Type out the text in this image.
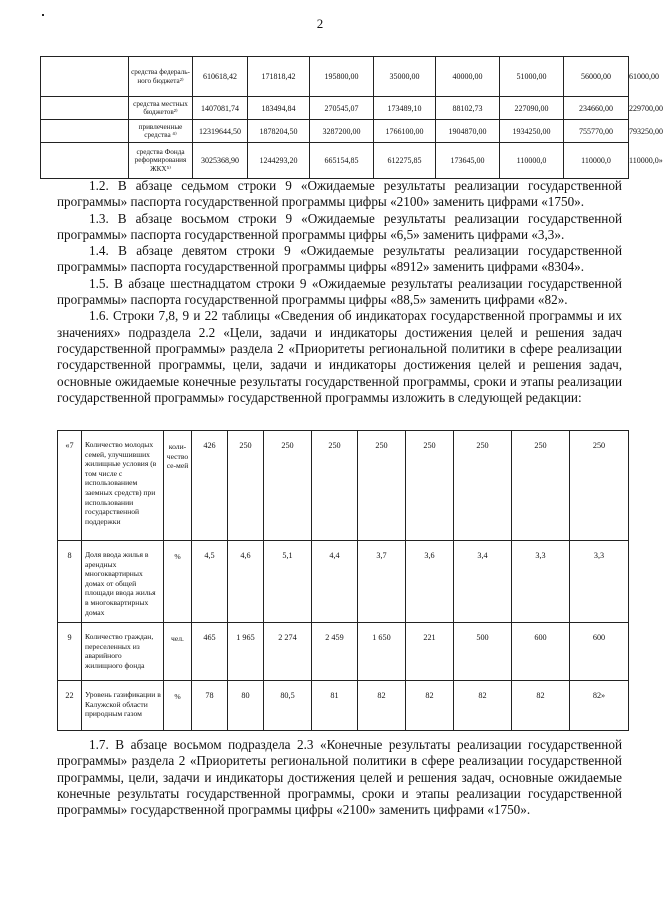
2
	средства федераль-ного бюджета²⁾	610618,42	171818,42	195800,00	35000,00	40000,00	51000,00	56000,00	61000,00
	средства местных бюджетов²⁾	1407081,74	183494,84	270545,07	173489,10	88102,73	227090,00	234660,00	229700,00
	привлеченные средства ⁴⁾	12319644,50	1878204,50	3287200,00	1766100,00	1904870,00	1934250,00	755770,00	793250,00
	средства Фонда реформирования ЖКХ⁵⁾	3025368,90	1244293,20	665154,85	612275,85	173645,00	110000,0	110000,0	110000,0»

1.2. В абзаце седьмом строки 9 «Ожидаемые результаты реализации государственной программы» паспорта государственной программы цифры «2100» заменить цифрами «1750».

1.3. В абзаце восьмом строки 9 «Ожидаемые результаты реализации государственной программы» паспорта государственной программы цифры «6,5» заменить цифрами «3,3».

1.4. В абзаце девятом строки 9 «Ожидаемые результаты реализации государственной программы» паспорта государственной программы цифры «8912» заменить цифрами «8304».

1.5. В абзаце шестнадцатом строки 9 «Ожидаемые результаты реализации государственной программы» паспорта государственной программы цифры «88,5» заменить цифрами «82».

1.6. Строки 7,8, 9 и 22 таблицы «Сведения об индикаторах государственной программы и их значениях» подраздела 2.2 «Цели, задачи и индикаторы достижения целей и решения задач государственной программы» раздела 2 «Приоритеты региональной политики в сфере реализации государственной программы, цели, задачи и индикаторы достижения целей и решения задач, основные ожидаемые конечные результаты государственной программы, сроки и этапы реализации государственной программы» государственной программы изложить в следующей редакции:

«7	Количество молодых семей, улучшивших жилищные условия (в том числе с использованием заемных средств) при использовании государственной поддержки	коли-чество се-мей	426	250	250	250	250	250	250	250	250
8	Доля ввода жилья в арендных многоквартирных домах от общей площади ввода жилья в многоквартирных домах	%	4,5	4,6	5,1	4,4	3,7	3,6	3,4	3,3	3,3
9	Количество граждан, переселенных из аварийного жилищного фонда	чел.	465	1 965	2 274	2 459	1 650	221	500	600	600
22	Уровень газификации в Калужской области природным газом	%	78	80	80,5	81	82	82	82	82	82»

1.7. В абзаце восьмом подраздела 2.3 «Конечные результаты реализации государственной программы» раздела 2 «Приоритеты региональной политики в сфере реализации государственной программы, цели, задачи и индикаторы достижения целей и решения задач, основные ожидаемые конечные результаты государственной программы, сроки и этапы реализации государственной программы» государственной программы цифры «2100» заменить цифрами «1750».
